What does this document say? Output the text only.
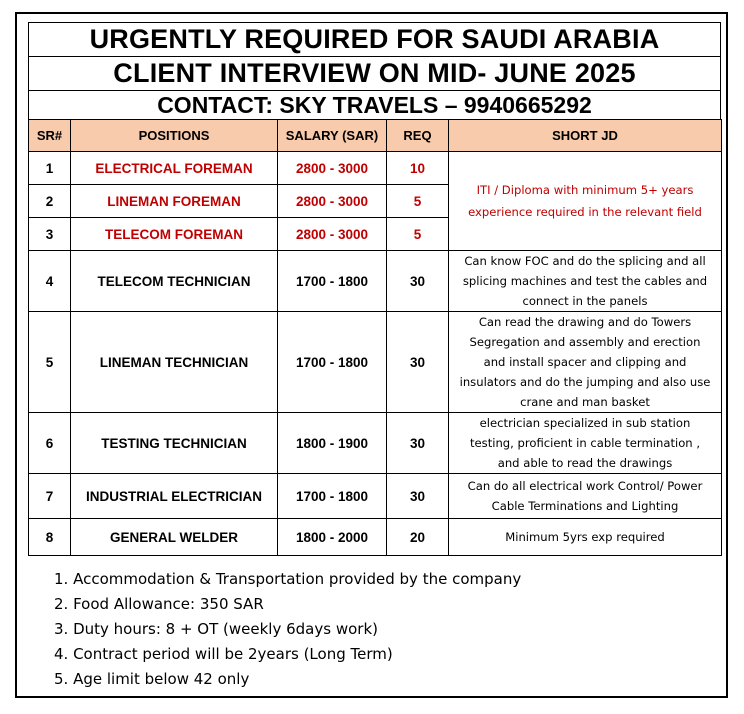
URGENTLY REQUIRED FOR SAUDI ARABIA
CLIENT INTERVIEW ON MID- JUNE 2025
CONTACT: SKY TRAVELS – 9940665292
SR#	POSITIONS	SALARY (SAR)	REQ	SHORT JD
1	ELECTRICAL FOREMAN	2800 - 3000	10	ITI / Diploma with minimum 5+ years
experience required in the relevant field

2	LINEMAN FOREMAN	2800 - 3000	5	
3	TELECOM FOREMAN	2800 - 3000	5	
4	TELECOM TECHNICIAN	1700 - 1800	30	Can know FOC and do the splicing and all
splicing machines and test the cables and
connect in the panels

5	LINEMAN TECHNICIAN	1700 - 1800	30	Can read the drawing and do Towers
Segregation and assembly and erection
and install spacer and clipping and
insulators and do the jumping and also use
crane and man basket

6	TESTING TECHNICIAN	1800 - 1900	30	electrician specialized in sub station
testing, proficient in cable termination ,
and able to read the drawings

7	INDUSTRIAL ELECTRICIAN	1700 - 1800	30	Can do all electrical work Control/ Power
Cable Terminations and Lighting

8	GENERAL WELDER	1800 - 2000	20	Minimum 5yrs exp required
1. Accommodation & Transportation provided by the company
2. Food Allowance: 350 SAR
3. Duty hours: 8 + OT (weekly 6days work)
4. Contract period will be 2years (Long Term)
5. Age limit below 42 only
